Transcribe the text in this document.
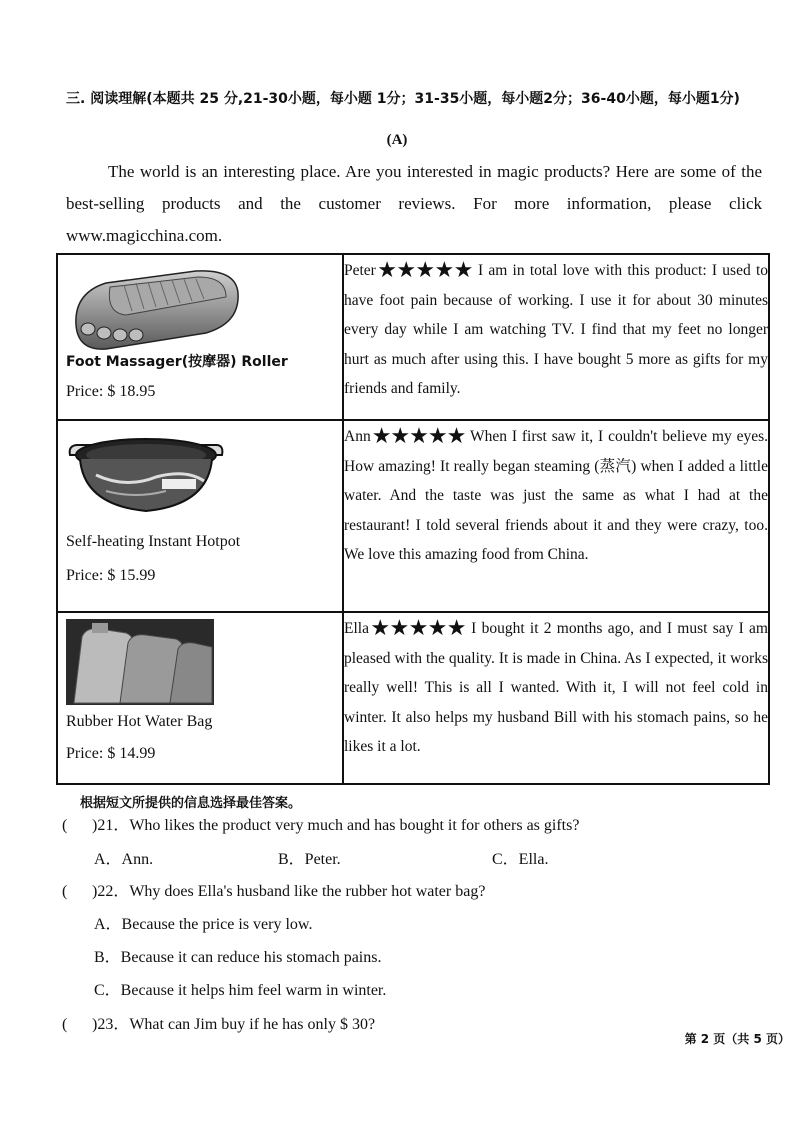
三. 阅读理解(本题共 25 分,21-30小题，每小题 1分；31-35小题，每小题2分；36-40小题，每小题1分)
(A)
The world is an interesting place. Are you interested in magic products? Here are some of the best-selling products and the customer reviews. For more information, please click www.magicchina.com.
Foot Massager(按摩器) Roller
Price: $ 18.95	Peter★★★★★ I am in total love with this product: I used to have foot pain because of working. I use it for about 30 minutes every day while I am watching TV. I find that my feet no longer hurt as much after using this. I have bought 5 more as gifts for my friends and family.

Self-heating Instant Hotpot
Price: $ 15.99	Ann★★★★★ When I first saw it, I couldn't believe my eyes. How amazing! It really began steaming (蒸汽) when I added a little water. And the taste was just the same as what I had at the restaurant! I told several friends about it and they were crazy, too. We love this amazing food from China.

Rubber Hot Water Bag
Price: $ 14.99	Ella★★★★★ I bought it 2 months ago, and I must say I am pleased with the quality. It is made in China. As I expected, it works really well! This is all I wanted. With it, I will not feel cold in winter. It also helps my husband Bill with his stomach pains, so he likes it a lot.
根据短文所提供的信息选择最佳答案。
( )21．Who likes the product very much and has bought it for others as gifts?
A．Ann.	B．Peter.	C．Ella.
( )22．Why does Ella's husband like the rubber hot water bag?
A．Because the price is very low.
B．Because it can reduce his stomach pains.
C．Because it helps him feel warm in winter.
( )23．What can Jim buy if he has only $ 30?
第 2 页（共 5 页）
